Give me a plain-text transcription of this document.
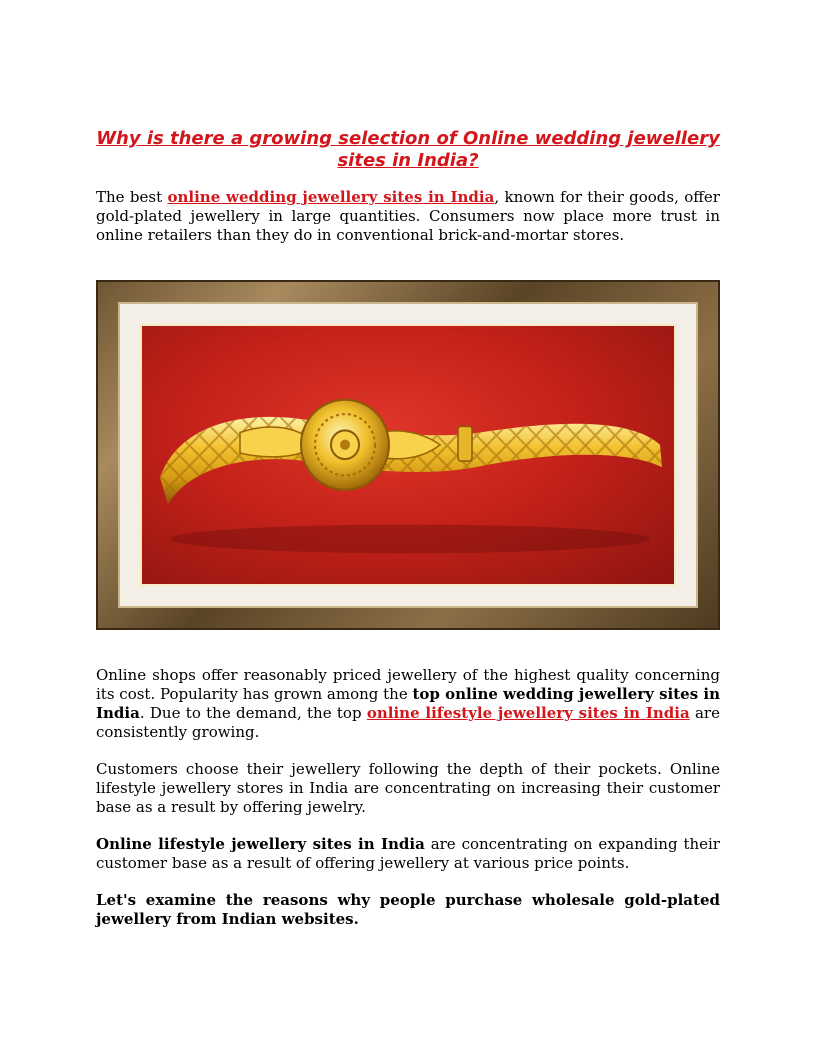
Why is there a growing selection of Online wedding jewellery sites in India?

The best online wedding jewellery sites in India, known for their goods, offer gold-plated jewellery in large quantities. Consumers now place more trust in online retailers than they do in conventional brick-and-mortar stores.

Online shops offer reasonably priced jewellery of the highest quality concerning its cost. Popularity has grown among the top online wedding jewellery sites in India. Due to the demand, the top online lifestyle jewellery sites in India are consistently growing.

Customers choose their jewellery following the depth of their pockets. Online lifestyle jewellery stores in India are concentrating on increasing their customer base as a result by offering jewelry.

Online lifestyle jewellery sites in India are concentrating on expanding their customer base as a result of offering jewellery at various price points.

Let's examine the reasons why people purchase wholesale gold-plated jewellery from Indian websites.
